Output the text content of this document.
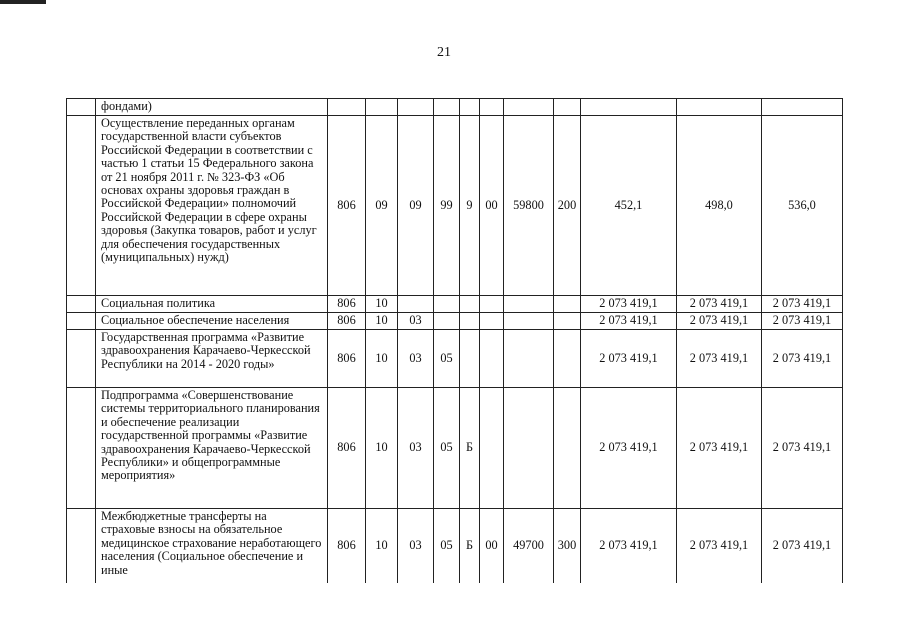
21
	фондами)											
	Осуществление переданных органам государственной власти субъектов Российской Федерации в соответствии с частью 1 статьи 15 Федерального закона от 21 ноября 2011 г. № 323-ФЗ «Об основах охраны здоровья граждан в Российской Федерации» полномочий Российской Федерации в сфере охраны здоровья (Закупка товаров, работ и услуг для обеспечения государственных (муниципальных) нужд)	806	09	09	99	9	00	59800	200	452,1	498,0	536,0
	Социальная политика	806	10							2 073 419,1	2 073 419,1	2 073 419,1
	Социальное обеспечение населения	806	10	03						2 073 419,1	2 073 419,1	2 073 419,1
	Государственная программа «Развитие здравоохранения Карачаево-Черкесской Республики на 2014 - 2020 годы»	806	10	03	05					2 073 419,1	2 073 419,1	2 073 419,1
	Подпрограмма «Совершенствование системы территориального планирования и обеспечение реализации государственной программы «Развитие здравоохранения Карачаево-Черкесской Республики» и общепрограммные мероприятия»	806	10	03	05	Б				2 073 419,1	2 073 419,1	2 073 419,1
	Межбюджетные трансферты на страховые взносы на обязательное медицинское страхование неработающего населения (Социальное обеспечение и иные	806	10	03	05	Б	00	49700	300	2 073 419,1	2 073 419,1	2 073 419,1
